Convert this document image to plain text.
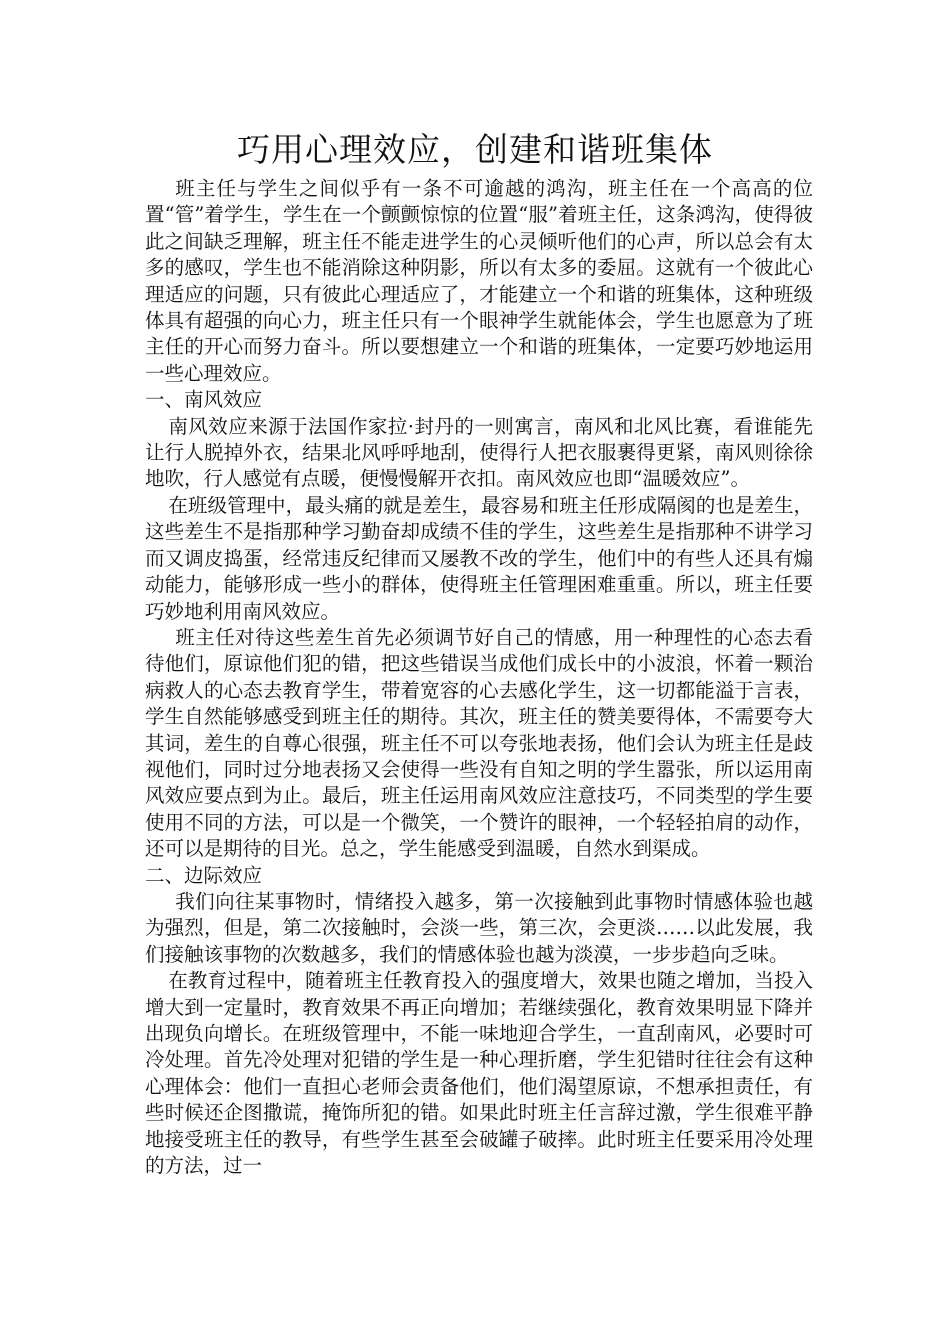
巧用心理效应，创建和谐班集体

班主任与学生之间似乎有一条不可逾越的鸿沟，班主任在一个高高的位置“管”着学生，学生在一个颤颤惊惊的位置“服”着班主任，这条鸿沟，使得彼此之间缺乏理解，班主任不能走进学生的心灵倾听他们的心声，所以总会有太多的感叹，学生也不能消除这种阴影，所以有太多的委屈。这就有一个彼此心理适应的问题，只有彼此心理适应了，才能建立一个和谐的班集体，这种班级体具有超强的向心力，班主任只有一个眼神学生就能体会，学生也愿意为了班主任的开心而努力奋斗。所以要想建立一个和谐的班集体，一定要巧妙地运用一些心理效应。

一、南风效应

南风效应来源于法国作家拉·封丹的一则寓言，南风和北风比赛，看谁能先让行人脱掉外衣，结果北风呼呼地刮，使得行人把衣服裹得更紧，南风则徐徐地吹，行人感觉有点暖，便慢慢解开衣扣。南风效应也即“温暖效应”。

在班级管理中，最头痛的就是差生，最容易和班主任形成隔阂的也是差生，这些差生不是指那种学习勤奋却成绩不佳的学生，这些差生是指那种不讲学习而又调皮捣蛋，经常违反纪律而又屡教不改的学生，他们中的有些人还具有煽动能力，能够形成一些小的群体，使得班主任管理困难重重。所以，班主任要巧妙地利用南风效应。

班主任对待这些差生首先必须调节好自己的情感，用一种理性的心态去看待他们，原谅他们犯的错，把这些错误当成他们成长中的小波浪，怀着一颗治病救人的心态去教育学生，带着宽容的心去感化学生，这一切都能溢于言表，学生自然能够感受到班主任的期待。其次，班主任的赞美要得体，不需要夸大其词，差生的自尊心很强，班主任不可以夸张地表扬，他们会认为班主任是歧视他们，同时过分地表扬又会使得一些没有自知之明的学生嚣张，所以运用南风效应要点到为止。最后，班主任运用南风效应注意技巧，不同类型的学生要使用不同的方法，可以是一个微笑，一个赞许的眼神，一个轻轻拍肩的动作，还可以是期待的目光。总之，学生能感受到温暖，自然水到渠成。

二、边际效应

我们向往某事物时，情绪投入越多，第一次接触到此事物时情感体验也越为强烈，但是，第二次接触时，会淡一些，第三次，会更淡……以此发展，我们接触该事物的次数越多，我们的情感体验也越为淡漠，一步步趋向乏味。

在教育过程中，随着班主任教育投入的强度增大，效果也随之增加，当投入增大到一定量时，教育效果不再正向增加；若继续强化，教育效果明显下降并出现负向增长。在班级管理中，不能一味地迎合学生，一直刮南风，必要时可冷处理。首先冷处理对犯错的学生是一种心理折磨，学生犯错时往往会有这种心理体会：他们一直担心老师会责备他们，他们渴望原谅，不想承担责任，有些时候还企图撒谎，掩饰所犯的错。如果此时班主任言辞过激，学生很难平静地接受班主任的教导，有些学生甚至会破罐子破摔。此时班主任要采用冷处理的方法，过一
